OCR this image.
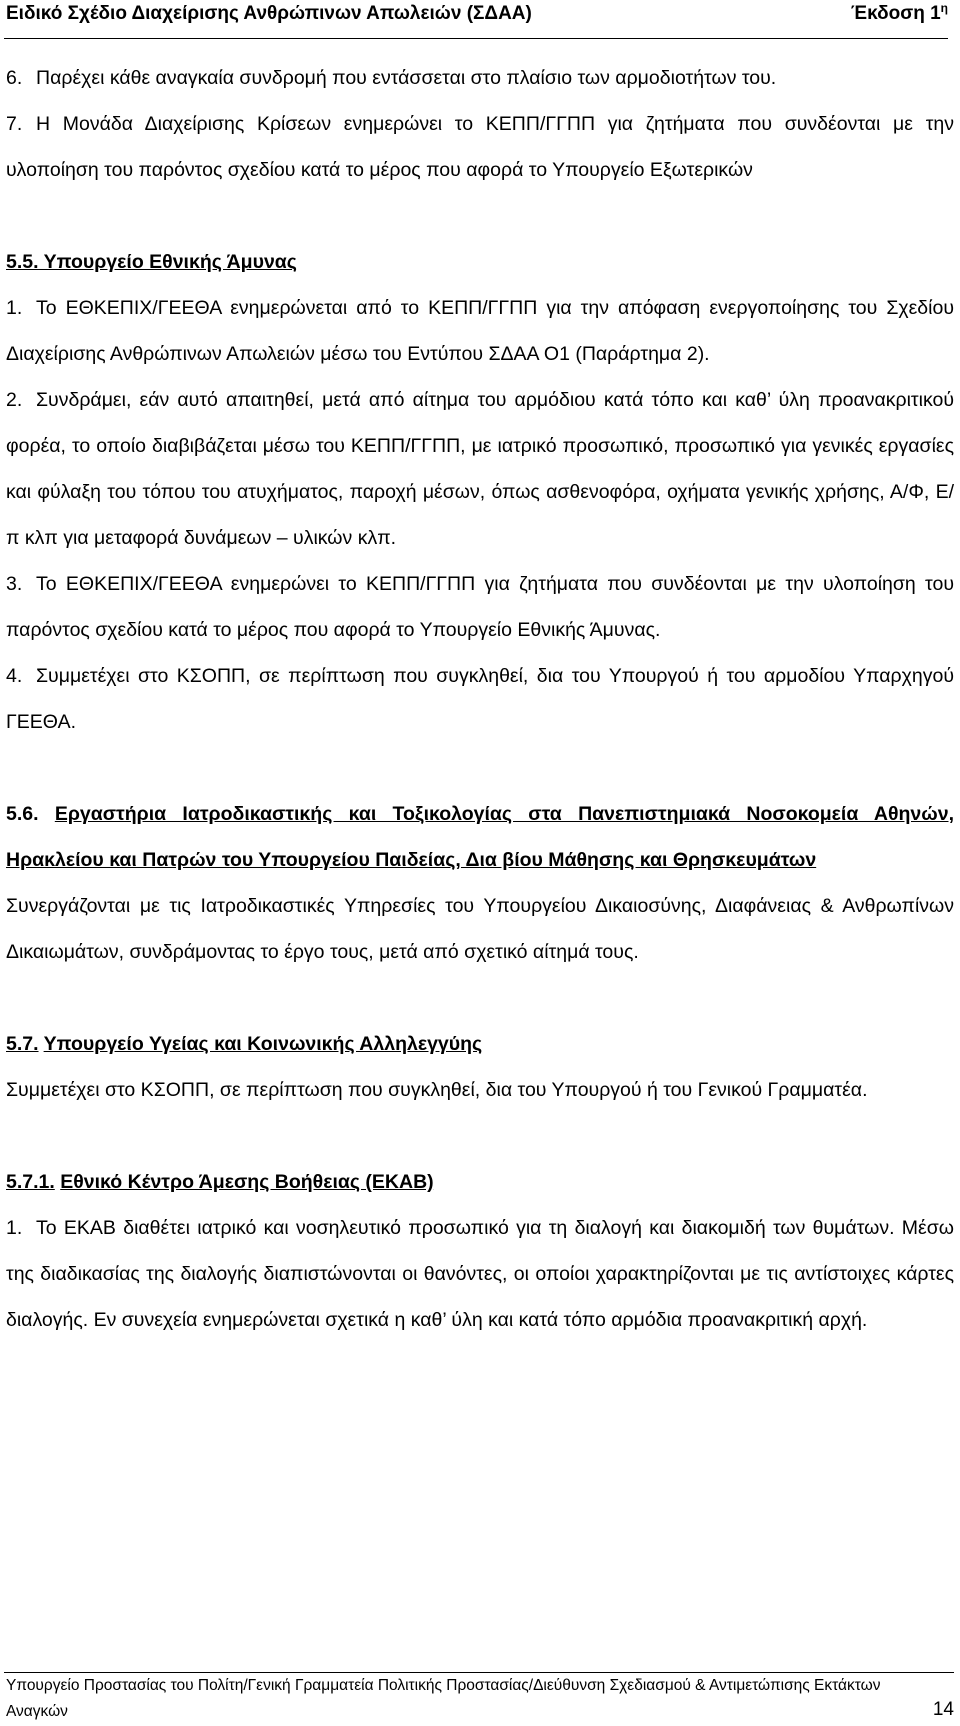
Ειδικό Σχέδιο Διαχείρισης Ανθρώπινων Απωλειών (ΣΔΑΑ)	Έκδοση $1^\eta$

6. Παρέχει κάθε αναγκαία συνδρομή που εντάσσεται στο πλαίσιο των αρμοδιοτήτων του.

7. Η Μονάδα Διαχείρισης Κρίσεων ενημερώνει το ΚΕΠΠ/ΓΓΠΠ για ζητήματα που συνδέονται με την υλοποίηση του παρόντος σχεδίου κατά το μέρος που αφορά το Υπουργείο Εξωτερικών

5.5. Υπουργείο Εθνικής Άμυνας

1. Το ΕΘΚΕΠΙΧ/ΓΕΕΘΑ ενημερώνεται από το ΚΕΠΠ/ΓΓΠΠ για την απόφαση ενεργοποίησης του Σχεδίου Διαχείρισης Ανθρώπινων Απωλειών μέσω του Εντύπου ΣΔΑΑ Ο1 (Παράρτημα 2).

2. Συνδράμει, εάν αυτό απαιτηθεί, μετά από αίτημα του αρμόδιου κατά τόπο και καθ’ ύλη προανακριτικού φορέα, το οποίο διαβιβάζεται μέσω του ΚΕΠΠ/ΓΓΠΠ, με ιατρικό προσωπικό, προσωπικό για γενικές εργασίες και φύλαξη του τόπου του ατυχήματος, παροχή μέσων, όπως ασθενοφόρα, οχήματα γενικής χρήσης, Α/Φ, Ε/π κλπ για μεταφορά δυνάμεων – υλικών κλπ.

3. Το ΕΘΚΕΠΙΧ/ΓΕΕΘΑ ενημερώνει το ΚΕΠΠ/ΓΓΠΠ για ζητήματα που συνδέονται με την υλοποίηση του παρόντος σχεδίου κατά το μέρος που αφορά το Υπουργείο Εθνικής Άμυνας.

4. Συμμετέχει στο ΚΣΟΠΠ, σε περίπτωση που συγκληθεί, δια του Υπουργού ή του αρμοδίου Υπαρχηγού ΓΕΕΘΑ.

5.6. Εργαστήρια Ιατροδικαστικής και Τοξικολογίας στα Πανεπιστημιακά Νοσοκομεία Αθηνών, Ηρακλείου και Πατρών του Υπουργείου Παιδείας, Δια βίου Μάθησης και Θρησκευμάτων

Συνεργάζονται με τις Ιατροδικαστικές Υπηρεσίες του Υπουργείου Δικαιοσύνης, Διαφάνειας & Ανθρωπίνων Δικαιωμάτων, συνδράμοντας το έργο τους, μετά από σχετικό αίτημά τους.

5.7. Υπουργείο Υγείας και Κοινωνικής Αλληλεγγύης

Συμμετέχει στο ΚΣΟΠΠ, σε περίπτωση που συγκληθεί, δια του Υπουργού ή του Γενικού Γραμματέα.

5.7.1. Εθνικό Κέντρο Άμεσης Βοήθειας (ΕΚΑΒ)

1. Το ΕΚΑΒ διαθέτει ιατρικό και νοσηλευτικό προσωπικό για τη διαλογή και διακομιδή των θυμάτων. Μέσω της διαδικασίας της διαλογής διαπιστώνονται οι θανόντες, οι οποίοι χαρακτηρίζονται με τις αντίστοιχες κάρτες διαλογής. Εν συνεχεία ενημερώνεται σχετικά η καθ’ ύλη και κατά τόπο αρμόδια προανακριτική αρχή.

Υπουργείο Προστασίας του Πολίτη/Γενική Γραμματεία Πολιτικής Προστασίας/Διεύθυνση Σχεδιασμού & Αντιμετώπισης Εκτάκτων
Αναγκών	14
